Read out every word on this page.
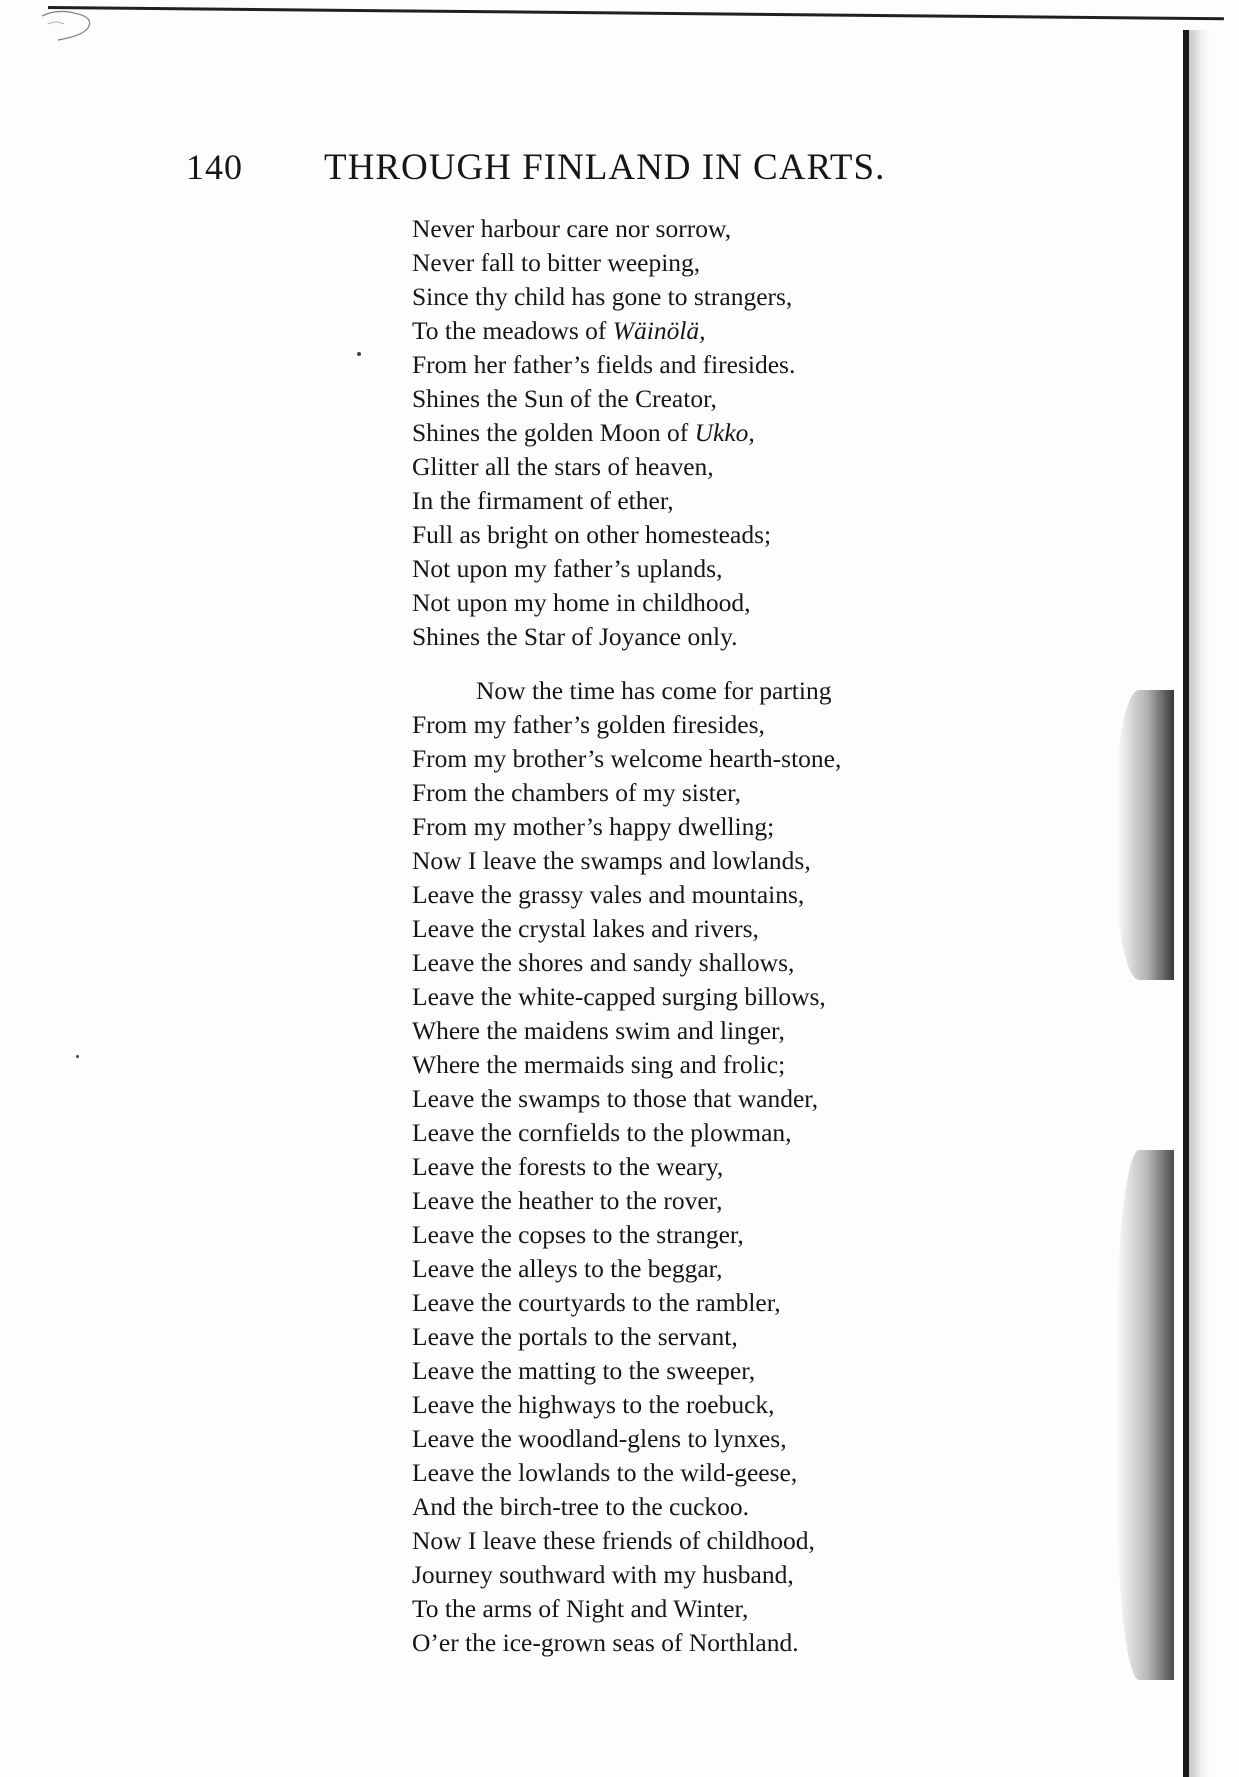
140 THROUGH FINLAND IN CARTS.
Never harbour care nor sorrow,
Never fall to bitter weeping,
Since thy child has gone to strangers,
To the meadows of Wäinölä,
From her father’s fields and firesides.
Shines the Sun of the Creator,
Shines the golden Moon of Ukko,
Glitter all the stars of heaven,
In the firmament of ether,
Full as bright on other homesteads;
Not upon my father’s uplands,
Not upon my home in childhood,
Shines the Star of Joyance only.
Now the time has come for parting
From my father’s golden firesides,
From my brother’s welcome hearth-stone,
From the chambers of my sister,
From my mother’s happy dwelling;
Now I leave the swamps and lowlands,
Leave the grassy vales and mountains,
Leave the crystal lakes and rivers,
Leave the shores and sandy shallows,
Leave the white-capped surging billows,
Where the maidens swim and linger,
Where the mermaids sing and frolic;
Leave the swamps to those that wander,
Leave the cornfields to the plowman,
Leave the forests to the weary,
Leave the heather to the rover,
Leave the copses to the stranger,
Leave the alleys to the beggar,
Leave the courtyards to the rambler,
Leave the portals to the servant,
Leave the matting to the sweeper,
Leave the highways to the roebuck,
Leave the woodland-glens to lynxes,
Leave the lowlands to the wild-geese,
And the birch-tree to the cuckoo.
Now I leave these friends of childhood,
Journey southward with my husband,
To the arms of Night and Winter,
O’er the ice-grown seas of Northland.
